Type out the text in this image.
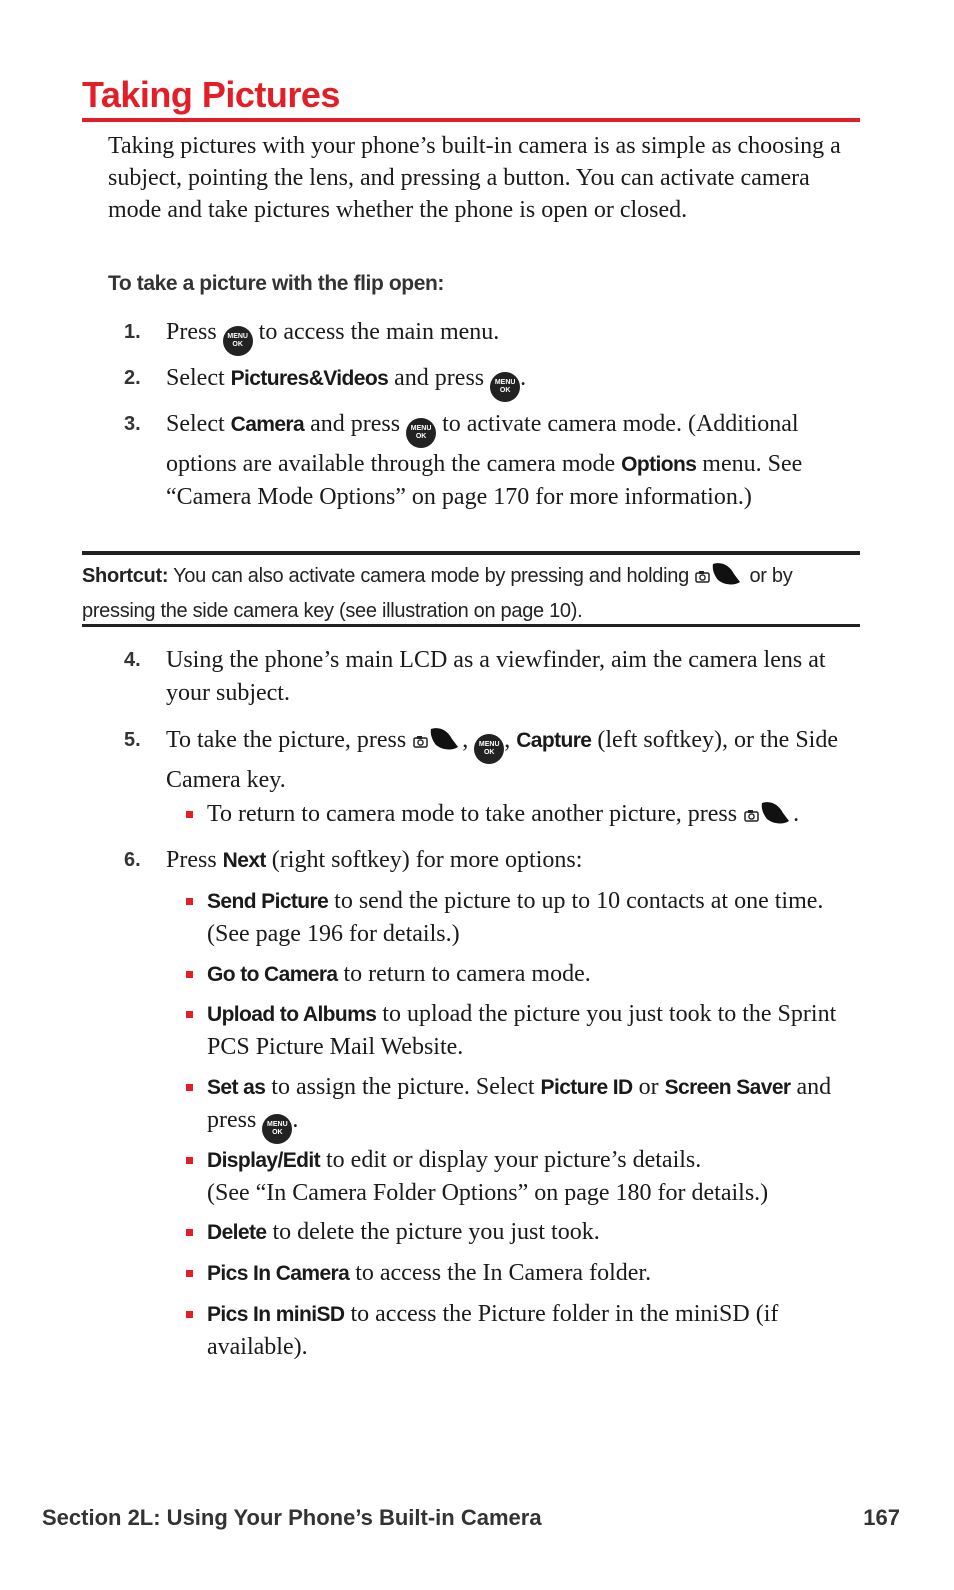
Taking Pictures

Taking pictures with your phone’s built-in camera is as simple as choosing a subject, pointing the lens, and pressing a button. You can activate camera mode and take pictures whether the phone is open or closed.

To take a picture with the flip open:

1. Press MENU
OK to access the main menu.
2. Select Pictures&Videos and press MENU
OK .
3. Select Camera and press MENU
OK to activate camera mode. (Additional options are available through the camera mode Options menu. See “Camera Mode Options” on page 170 for more information.)

Shortcut: You can also activate camera mode by pressing and holding	or by pressing the side camera key (see illustration on page 10).

4. Using the phone’s main LCD as a viewfinder, aim the camera lens at your subject.
5. To take the picture, press , MENU
OK , Capture (left softkey), or the Side Camera key.
To return to camera mode to take another picture, press .
6. Press Next (right softkey) for more options:
Send Picture to send the picture to up to 10 contacts at one time. (See page 196 for details.)
Go to Camera to return to camera mode.
Upload to Albums to upload the picture you just took to the Sprint PCS Picture Mail Website.
Set as to assign the picture. Select Picture ID or Screen Saver and press MENU
OK .
Display/Edit to edit or display your picture’s details.
(See “In Camera Folder Options” on page 180 for details.)
Delete to delete the picture you just took.
Pics In Camera to access the In Camera folder.
Pics In miniSD to access the Picture folder in the miniSD (if available).
Section 2L: Using Your Phone’s Built-in Camera	167
